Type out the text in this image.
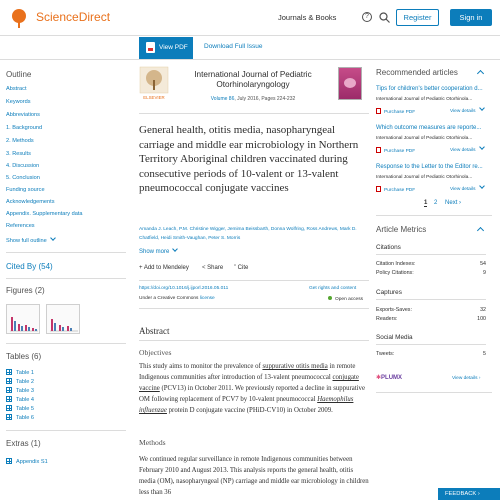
ScienceDirect	Journals & Books	?	Register	Sign in
View PDF	Download Full Issue
Outline
Abstract
Keywords
Abbreviations
1. Background
2. Methods
3. Results
4. Discussion
5. Conclusion
Funding source
Acknowledgements
Appendix. Supplementary data
References
Show full outline
Cited By (54)
Figures (2)
Tables (6)
Table 1
Table 2
Table 3
Table 4
Table 5
Table 6
Extras (1)
Appendix S1
ELSEVIER
International Journal of Pediatric
Otorhinolaryngology
Volume 86, July 2016, Pages 224-232
General health, otitis media, nasopharyngeal carriage and middle ear microbiology in Northern Territory Aboriginal children vaccinated during consecutive periods of 10-valent or 13-valent pneumococcal conjugate vaccines
Amanda J. Leach, P.M. Christine Wigger, Jemima Beissbarth, Donna Wolfring, Ross Andrews, Mark D. Chatfield, Heidi Smith-Vaughan, Peter S. Morris
Show more
+ Add to Mendeley < Share ” Cite
https://doi.org/10.1016/j.ijporl.2016.05.011	Get rights and content
Under a Creative Commons license	Open access
Abstract
Objectives
This study aims to monitor the prevalence of suppurative otitis media in remote Indigenous communities after introduction of 13-valent pneumococcal conjugate vaccine (PCV13) in October 2011. We previously reported a decline in suppurative OM following replacement of PCV7 by 10-valent pneumococcal Haemophilus influenzae protein D conjugate vaccine (PHiD-CV10) in October 2009.
Methods
We continued regular surveillance in remote Indigenous communities between February 2010 and August 2013. This analysis reports the general health, otitis media (OM), nasopharyngeal (NP) carriage and middle ear microbiology in children less than 36
Recommended articles
Tips for children's better cooperation d...
International Journal of Pediatric Otorhinola...
Purchase PDF	View details
Which outcome measures are reporte...
International Journal of Pediatric Otorhinola...
Purchase PDF	View details
Response to the Letter to the Editor re...
International Journal of Pediatric Otorhinola...
Purchase PDF	View details
1 2 Next ›
Article Metrics
Citations
Citation Indexes:	54
Policy Citations:	9
Captures
Exports-Saves:	32
Readers:	100
Social Media
Tweets:	5
✱PLUMX	View details ›
FEEDBACK ›
